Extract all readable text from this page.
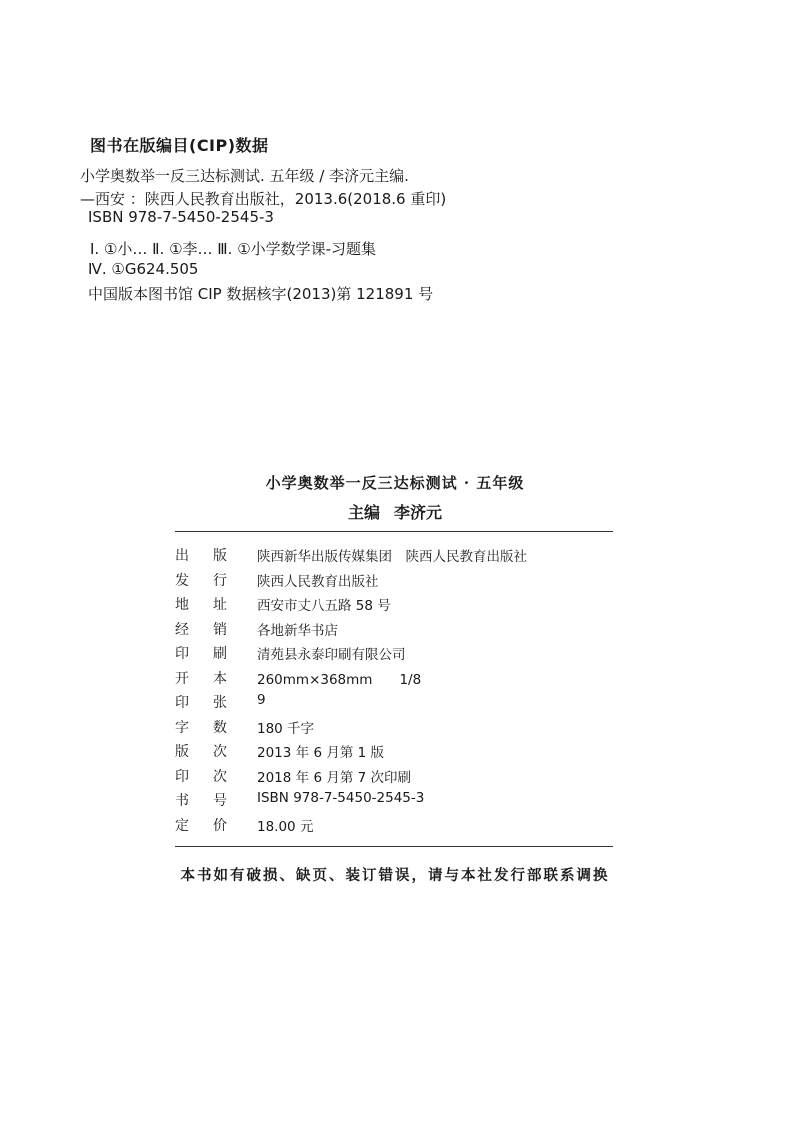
图书在版编目(CIP)数据
小学奥数举一反三达标测试. 五年级 / 李济元主编.
—西安 ：陕西人民教育出版社，2013.6(2018.6 重印)
ISBN 978-7-5450-2545-3
Ⅰ. ①小… Ⅱ. ①李… Ⅲ. ①小学数学课-习题集
Ⅳ. ①G624.505
中国版本图书馆 CIP 数据核字(2013)第 121891 号
小学奥数举一反三达标测试 · 五年级
主编 李济元
出 版 陕西新华出版传媒集团　陕西人民教育出版社
发 行 陕西人民教育出版社
地 址 西安市丈八五路 58 号
经 销 各地新华书店
印 刷 清苑县永泰印刷有限公司
开 本 260mm×368mm　　1/8
印 张 9
字 数 180 千字
版 次 2013 年 6 月第 1 版
印 次 2018 年 6 月第 7 次印刷
书 号 ISBN 978-7-5450-2545-3
定 价 18.00 元
本书如有破损、缺页、装订错误，请与本社发行部联系调换
